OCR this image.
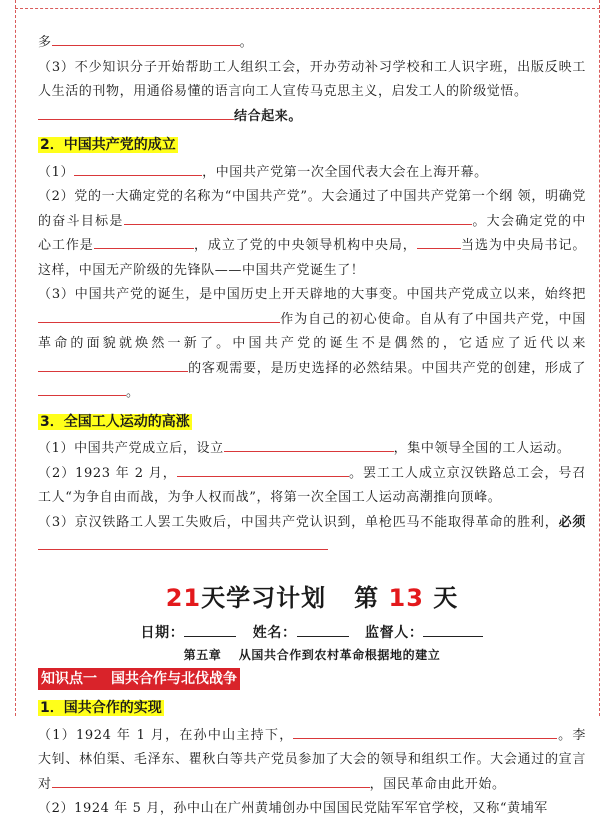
多	。

（3）不少知识分子开始帮助工人组织工会，开办劳动补习学校和工人识字班，出版反映工人生活的刊物，用通俗易懂的语言向工人宣传马克思主义，启发工人的阶级觉悟。
结合起来。

2．中国共产党的成立

（1）	，中国共产党第一次全国代表大会在上海开幕。

（2）党的一大确定党的名称为“中国共产党”。大会通过了中国共产党第一个纲 领，明确党的奋斗目标是	。大会确定党的中心工作是	，成立了党的中央领导机构中央局，	当选为中央局书记。这样，中国无产阶级的先锋队——中国共产党诞生了！

（3）中国共产党的诞生，是中国历史上开天辟地的大事变。中国共产党成立以来，始终把作为自己的初心使命。自从有了中国共产党，中国革命的面貌就焕然一新了。中国共产党的诞生不是偶然的，它适应了近代以来的客观需要，是历史选择的必然结果。中国共产党的创建，形成了。

3．全国工人运动的高涨

（1）中国共产党成立后，设立	，集中领导全国的工人运动。

（2）1923 年 2 月，	。罢工工人成立京汉铁路总工会，号召工人“为争自由而战，为争人权而战”，将第一次全国工人运动高潮推向顶峰。

（3）京汉铁路工人罢工失败后，中国共产党认识到，单枪匹马不能取得革命的胜利，必须

21天学习计划 第 13 天
日期：	姓名：	监督人：
第五章　 从国共合作到农村革命根据地的建立
知识点一　国共合作与北伐战争
1．国共合作的实现

（1）1924 年 1 月，在孙中山主持下，	。李大钊、林伯渠、毛泽东、瞿秋白等共产党员参加了大会的领导和组织工作。大会通过的宣言对	，国民革命由此开始。

（2）1924 年 5 月，孙中山在广州黄埔创办中国国民党陆军军官学校，又称“黄埔军
